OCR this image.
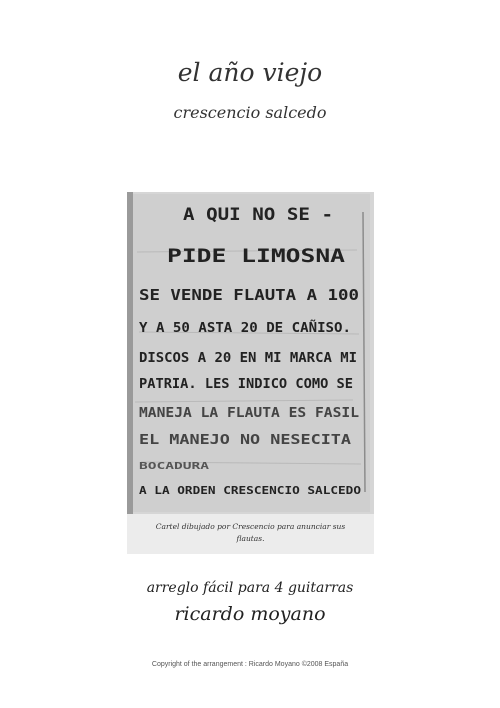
el año viejo
crescencio salcedo
A QUI NO SE -
PIDE LIMOSNA
SE VENDE FLAUTA A 100
Y A 50 ASTA 20 DE CAÑISO.
DISCOS A 20 EN MI MARCA MI
PATRIA. LES INDICO COMO SE
MANEJA LA FLAUTA ES FASIL
EL MANEJO NO NESECITA
BOCADURA
A LA ORDEN CRESCENCIO SALCEDO
Cartel dibujado por Crescencio para anunciar sus
flautas.
arreglo fácil para 4 guitarras
ricardo moyano
Copyright of the arrangement : Ricardo Moyano ©2008 España
